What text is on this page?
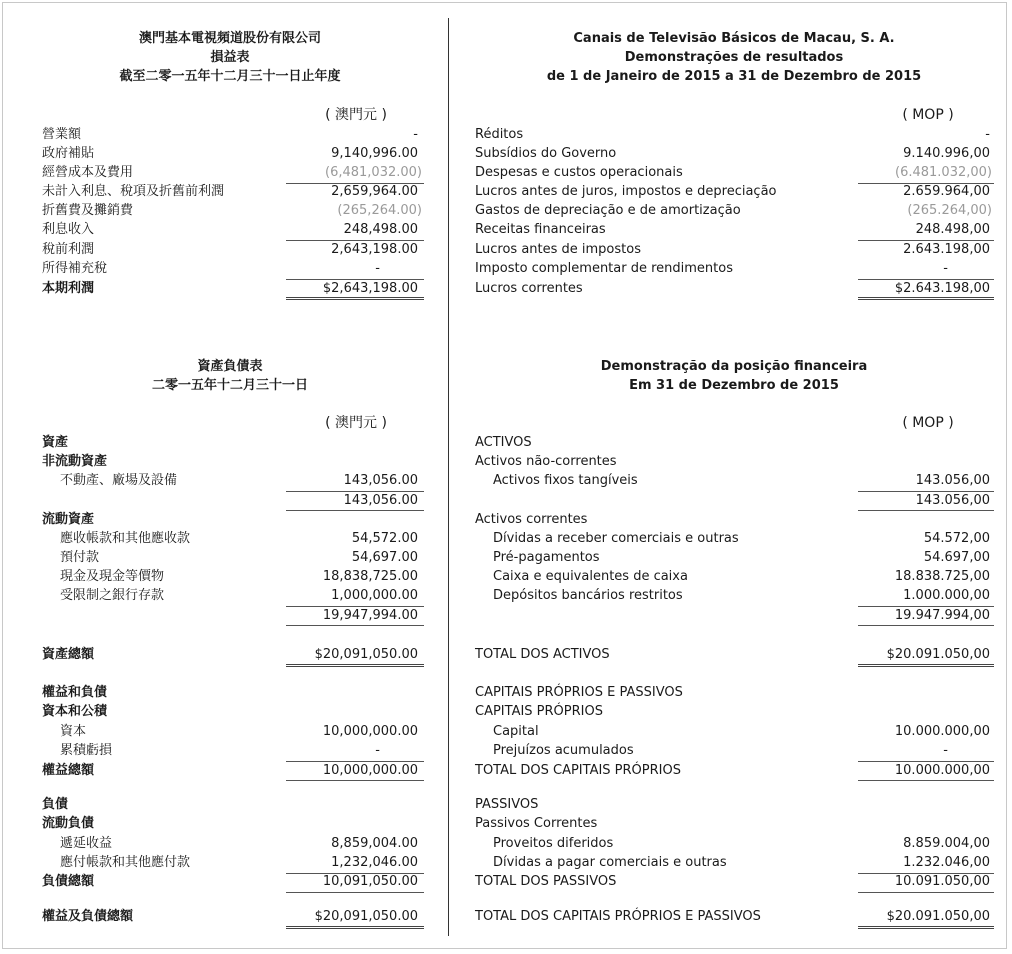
澳門基本電視頻道股份有限公司
損益表
截至二零一五年十二月三十一日止年度
( 澳門元 )
營業額	-
政府補貼	9,140,996.00
經營成本及費用	(6,481,032.00)
未計入利息、稅項及折舊前利潤	2,659,964.00
折舊費及攤銷費	(265,264.00)
利息收入	248,498.00
稅前利潤	2,643,198.00
所得補充稅	-
本期利潤	$2,643,198.00
Canais de Televisão Básicos de Macau, S. A.
Demonstrações de resultados
de 1 de Janeiro de 2015 a 31 de Dezembro de 2015
( MOP )
Réditos	-
Subsídios do Governo	9.140.996,00
Despesas e custos operacionais	(6.481.032,00)
Lucros antes de juros, impostos e depreciação	2.659.964,00
Gastos de depreciação e de amortização	(265.264,00)
Receitas financeiras	248.498,00
Lucros antes de impostos	2.643.198,00
Imposto complementar de rendimentos	-
Lucros correntes	$2.643.198,00
資產負債表
二零一五年十二月三十一日
( 澳門元 )
資產
非流動資產
不動產、廠場及設備	143,056.00
143,056.00
流動資產
應收帳款和其他應收款	54,572.00
預付款	54,697.00
現金及現金等價物	18,838,725.00
受限制之銀行存款	1,000,000.00
19,947,994.00
資產總額	$20,091,050.00
權益和負債
資本和公積
資本	10,000,000.00
累積虧損	-
權益總額	10,000,000.00
負債
流動負債
遞延收益	8,859,004.00
應付帳款和其他應付款	1,232,046.00
負債總額	10,091,050.00
權益及負債總額	$20,091,050.00
Demonstração da posição financeira
Em 31 de Dezembro de 2015
( MOP )
ACTIVOS
Activos não-correntes
Activos fixos tangíveis	143.056,00
143.056,00
Activos correntes
Dívidas a receber comerciais e outras	54.572,00
Pré-pagamentos	54.697,00
Caixa e equivalentes de caixa	18.838.725,00
Depósitos bancários restritos	1.000.000,00
19.947.994,00
TOTAL DOS ACTIVOS	$20.091.050,00
CAPITAIS PRÓPRIOS E PASSIVOS
CAPITAIS PRÓPRIOS
Capital	10.000.000,00
Prejuízos acumulados	-
TOTAL DOS CAPITAIS PRÓPRIOS	10.000.000,00
PASSIVOS
Passivos Correntes
Proveitos diferidos	8.859.004,00
Dívidas a pagar comerciais e outras	1.232.046,00
TOTAL DOS PASSIVOS	10.091.050,00
TOTAL DOS CAPITAIS PRÓPRIOS E PASSIVOS	$20.091.050,00
